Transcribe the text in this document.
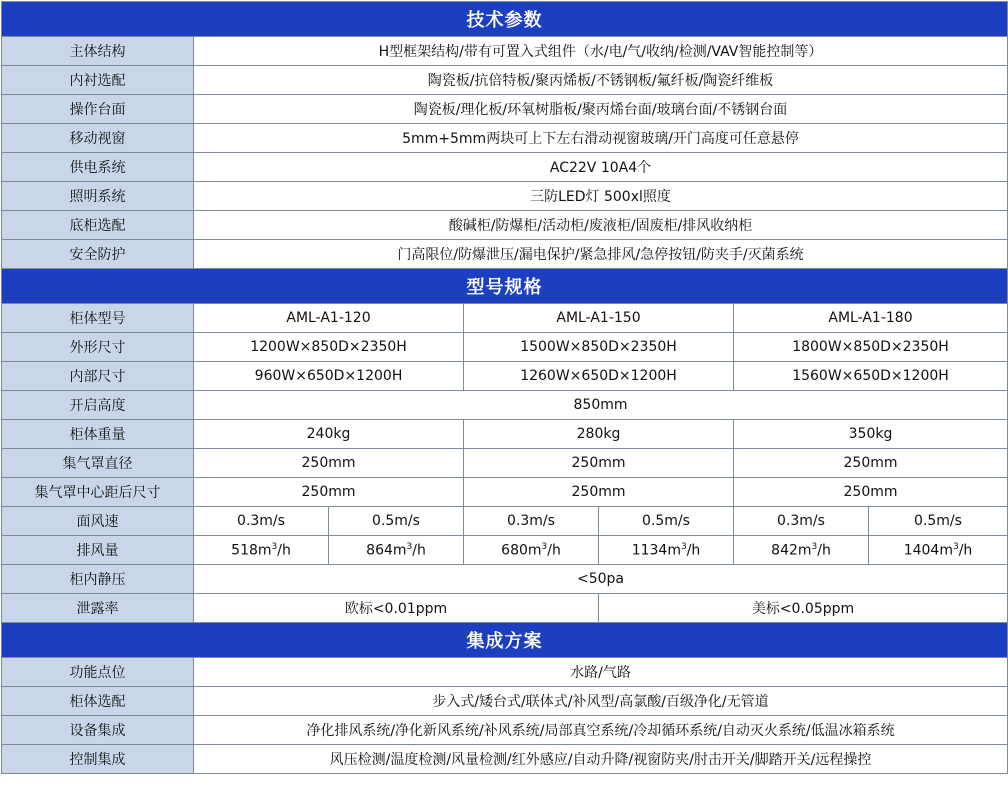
技术参数						
主体结构	H型框架结构/带有可置入式组件（水/电/气/收纳/检测/VAV智能控制等）					
内衬选配	陶瓷板/抗倍特板/聚丙烯板/不锈钢板/氟纤板/陶瓷纤维板					
操作台面	陶瓷板/理化板/环氧树脂板/聚丙烯台面/玻璃台面/不锈钢台面					
移动视窗	5mm+5mm两块可上下左右滑动视窗玻璃/开门高度可任意悬停					
供电系统	AC22V 10A4个					
照明系统	三防LED灯 500xl照度					
底柜选配	酸碱柜/防爆柜/活动柜/废液柜/固废柜/排风收纳柜					
安全防护	门高限位/防爆泄压/漏电保护/紧急排风/急停按钮/防夹手/灭菌系统					
型号规格						
柜体型号	AML-A1-120		AML-A1-150		AML-A1-180	
外形尺寸	1200W×850D×2350H		1500W×850D×2350H		1800W×850D×2350H	
内部尺寸	960W×650D×1200H		1260W×650D×1200H		1560W×650D×1200H	
开启高度	850mm					
柜体重量	240kg		280kg		350kg	
集气罩直径	250mm		250mm		250mm	
集气罩中心距后尺寸	250mm		250mm		250mm	
面风速	0.3m/s	0.5m/s	0.3m/s	0.5m/s	0.3m/s	0.5m/s
排风量	$518m^3/h$	$864m^3/h$	$680m^3/h$	$1134m^3/h$	$842m^3/h$	$1404m^3/h$
柜内静压	<50pa					
泄露率	欧标<0.01ppm			美标<0.05ppm		
集成方案						
功能点位	水路/气路					
柜体选配	步入式/矮台式/联体式/补风型/高氯酸/百级净化/无管道					
设备集成	净化排风系统/净化新风系统/补风系统/局部真空系统/冷却循环系统/自动灭火系统/低温冰箱系统					
控制集成	风压检测/温度检测/风量检测/红外感应/自动升降/视窗防夹/肘击开关/脚踏开关/远程操控					
